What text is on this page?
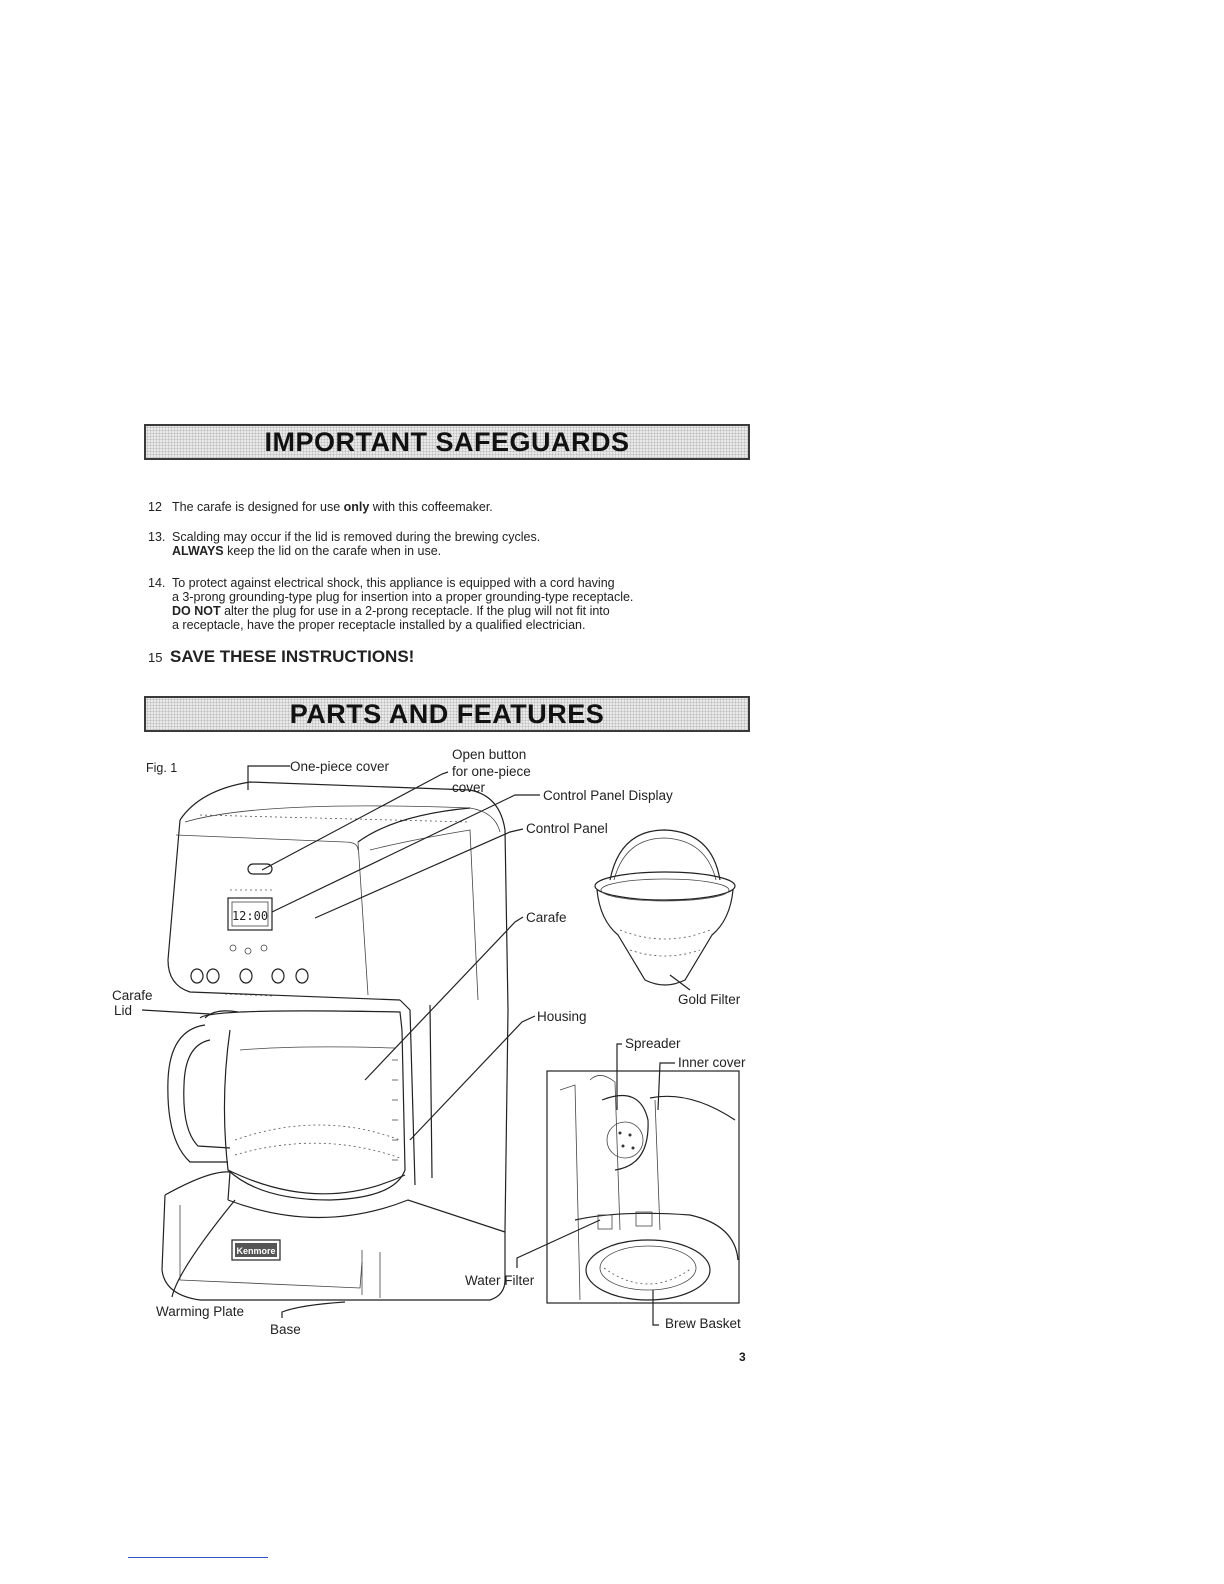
IMPORTANT SAFEGUARDS
12 The carafe is designed for use only with this coffeemaker.
13. Scalding may occur if the lid is removed during the brewing cycles.
ALWAYS keep the lid on the carafe when in use.
14. To protect against electrical shock, this appliance is equipped with a cord having
a 3-prong grounding-type plug for insertion into a proper grounding-type receptacle.
DO NOT alter the plug for use in a 2-prong receptacle. If the plug will not fit into
a receptacle, have the proper receptacle installed by a qualified electrician.
15 SAVE THESE INSTRUCTIONS!
PARTS AND FEATURES
12:00
Kenmore
Fig. 1	One-piece cover
Open button
for one-piece
cover
Control Panel Display
Control Panel
Carafe
Gold Filter
Housing
Carafe
Lid
Spreader
Inner cover
Water Filter
Brew Basket
Warming Plate
Base
3
